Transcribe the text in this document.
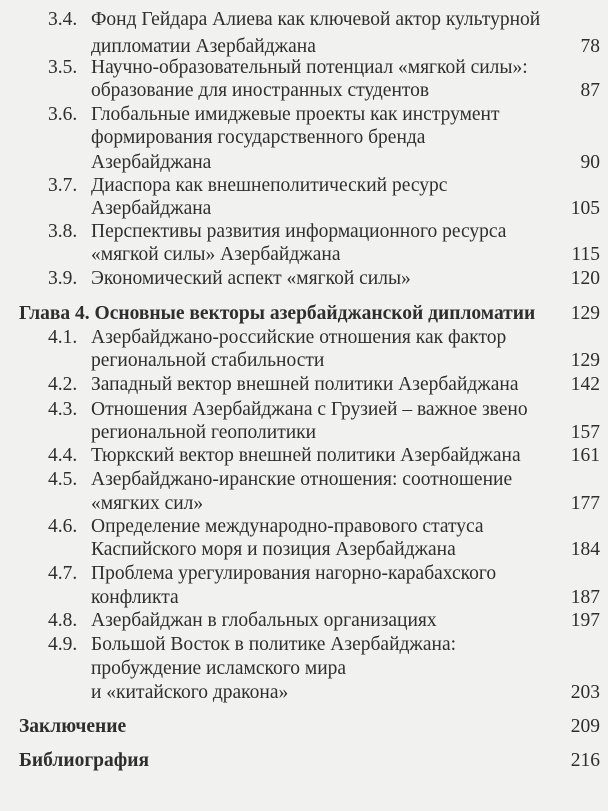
3.4. Фонд Гейдара Алиева как ключевой актор культурной
дипломатии Азербайджана	78
3.5. Научно-образовательный потенциал «мягкой силы»:
образование для иностранных студентов	87
3.6. Глобальные имиджевые проекты как инструмент
формирования государственного бренда
Азербайджана	90
3.7. Диаспора как внешнеполитический ресурс
Азербайджана	105
3.8. Перспективы развития информационного ресурса
«мягкой силы» Азербайджана	115
3.9. Экономический аспект «мягкой силы»	120
Глава 4. Основные векторы азербайджанской дипломатии 129
4.1. Азербайджано-российские отношения как фактор
региональной стабильности	129
4.2. Западный вектор внешней политики Азербайджана	142
4.3. Отношения Азербайджана с Грузией – важное звено
региональной геополитики	157
4.4. Тюркский вектор внешней политики Азербайджана	161
4.5. Азербайджано-иранские отношения: соотношение
«мягких сил»	177
4.6. Определение международно-правового статуса
Каспийского моря и позиция Азербайджана	184
4.7. Проблема урегулирования нагорно-карабахского
конфликта	187
4.8. Азербайджан в глобальных организациях	197
4.9. Большой Восток в политике Азербайджана:
пробуждение исламского мира
и «китайского дракона»	203
Заключение	209
Библиография	216
